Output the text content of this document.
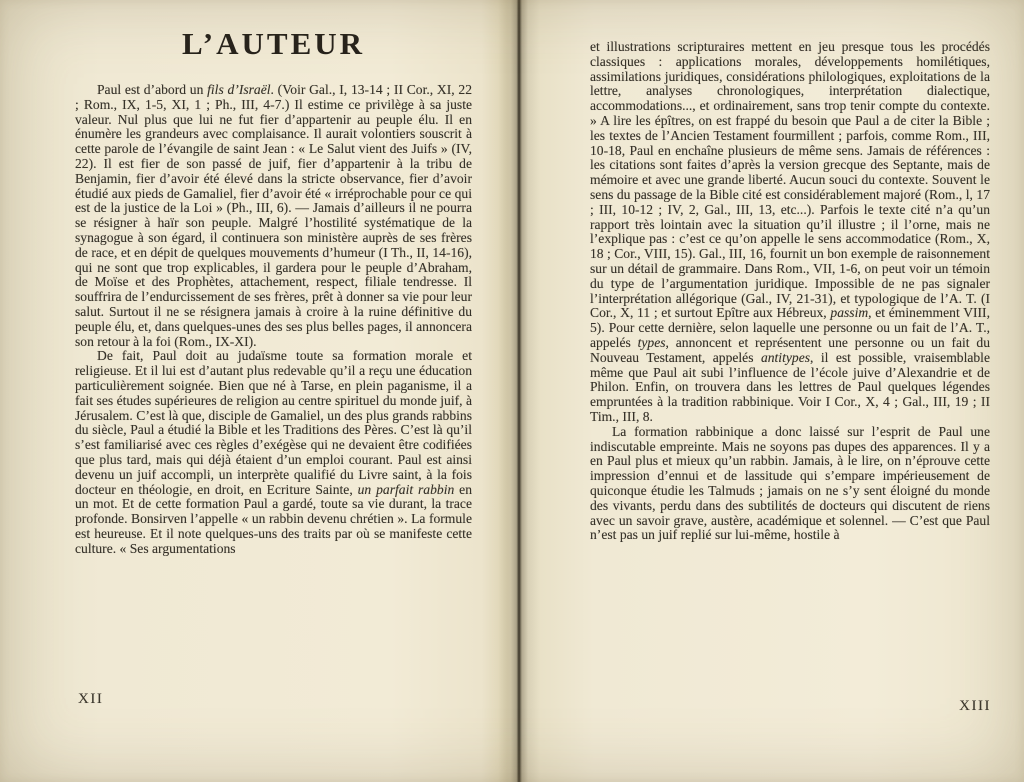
L’AUTEUR

Paul est d’abord un fils d’Israël. (Voir Gal., I, 13-14 ; II Cor., XI, 22 ; Rom., IX, 1-5, XI, 1 ; Ph., III, 4-7.) Il estime ce privilège à sa juste valeur. Nul plus que lui ne fut fier d’appartenir au peuple élu. Il en énumère les grandeurs avec complaisance. Il aurait volontiers souscrit à cette parole de l’évangile de saint Jean : « Le Salut vient des Juifs » (IV, 22). Il est fier de son passé de juif, fier d’appartenir à la tribu de Benjamin, fier d’avoir été élevé dans la stricte observance, fier d’avoir étudié aux pieds de Gamaliel, fier d’avoir été « irréprochable pour ce qui est de la justice de la Loi » (Ph., III, 6). — Jamais d’ailleurs il ne pourra se résigner à haïr son peuple. Malgré l’hostilité systématique de la synagogue à son égard, il continuera son ministère auprès de ses frères de race, et en dépit de quelques mouvements d’humeur (I Th., II, 14-16), qui ne sont que trop explicables, il gardera pour le peuple d’Abraham, de Moïse et des Prophètes, attachement, respect, filiale tendresse. Il souffrira de l’endurcissement de ses frères, prêt à donner sa vie pour leur salut. Surtout il ne se résignera jamais à croire à la ruine définitive du peuple élu, et, dans quelques-unes des ses plus belles pages, il annoncera son retour à la foi (Rom., IX-XI).

De fait, Paul doit au judaïsme toute sa formation morale et religieuse. Et il lui est d’autant plus redevable qu’il a reçu une éducation particulièrement soignée. Bien que né à Tarse, en plein paganisme, il a fait ses études supérieures de religion au centre spirituel du monde juif, à Jérusalem. C’est là que, disciple de Gamaliel, un des plus grands rabbins du siècle, Paul a étudié la Bible et les Traditions des Pères. C’est là qu’il s’est familiarisé avec ces règles d’exégèse qui ne devaient être codifiées que plus tard, mais qui déjà étaient d’un emploi courant. Paul est ainsi devenu un juif accompli, un interprète qualifié du Livre saint, à la fois docteur en théologie, en droit, en Ecriture Sainte, un parfait rabbin en un mot. Et de cette formation Paul a gardé, toute sa vie durant, la trace profonde. Bonsirven l’appelle « un rabbin devenu chrétien ». La formule est heureuse. Et il note quelques-uns des traits par où se manifeste cette culture. « Ses argumentations

XII

et illustrations scripturaires mettent en jeu presque tous les procédés classiques : applications morales, développements homilétiques, assimilations juridiques, considérations philologiques, exploitations de la lettre, analyses chronologiques, interprétation dialectique, accommodations..., et ordinairement, sans trop tenir compte du contexte. » A lire les épîtres, on est frappé du besoin que Paul a de citer la Bible ; les textes de l’Ancien Testament fourmillent ; parfois, comme Rom., III, 10-18, Paul en enchaîne plusieurs de même sens. Jamais de références : les citations sont faites d’après la version grecque des Septante, mais de mémoire et avec une grande liberté. Aucun souci du contexte. Souvent le sens du passage de la Bible cité est considérablement majoré (Rom., l, 17 ; III, 10-12 ; IV, 2, Gal., III, 13, etc...). Parfois le texte cité n’a qu’un rapport très lointain avec la situation qu’il illustre ; il l’orne, mais ne l’explique pas : c’est ce qu’on appelle le sens accommodatice (Rom., X, 18 ; Cor., VIII, 15). Gal., III, 16, fournit un bon exemple de raisonnement sur un détail de grammaire. Dans Rom., VII, 1-6, on peut voir un témoin du type de l’argumentation juridique. Impossible de ne pas signaler l’interprétation allégorique (Gal., IV, 21-31), et typologique de l’A. T. (I Cor., X, 11 ; et surtout Epître aux Hébreux, passim, et éminemment VIII, 5). Pour cette dernière, selon laquelle une personne ou un fait de l’A. T., appelés types, annoncent et représentent une personne ou un fait du Nouveau Testament, appelés antitypes, il est possible, vraisemblable même que Paul ait subi l’influence de l’école juive d’Alexandrie et de Philon. Enfin, on trouvera dans les lettres de Paul quelques légendes empruntées à la tradition rabbinique. Voir I Cor., X, 4 ; Gal., III, 19 ; II Tim., III, 8.

La formation rabbinique a donc laissé sur l’esprit de Paul une indiscutable empreinte. Mais ne soyons pas dupes des apparences. Il y a en Paul plus et mieux qu’un rabbin. Jamais, à le lire, on n’éprouve cette impression d’ennui et de lassitude qui s’empare impérieusement de quiconque étudie les Talmuds ; jamais on ne s’y sent éloigné du monde des vivants, perdu dans des subtilités de docteurs qui discutent de riens avec un savoir grave, austère, académique et solennel. — C’est que Paul n’est pas un juif replié sur lui-même, hostile à

XIII
